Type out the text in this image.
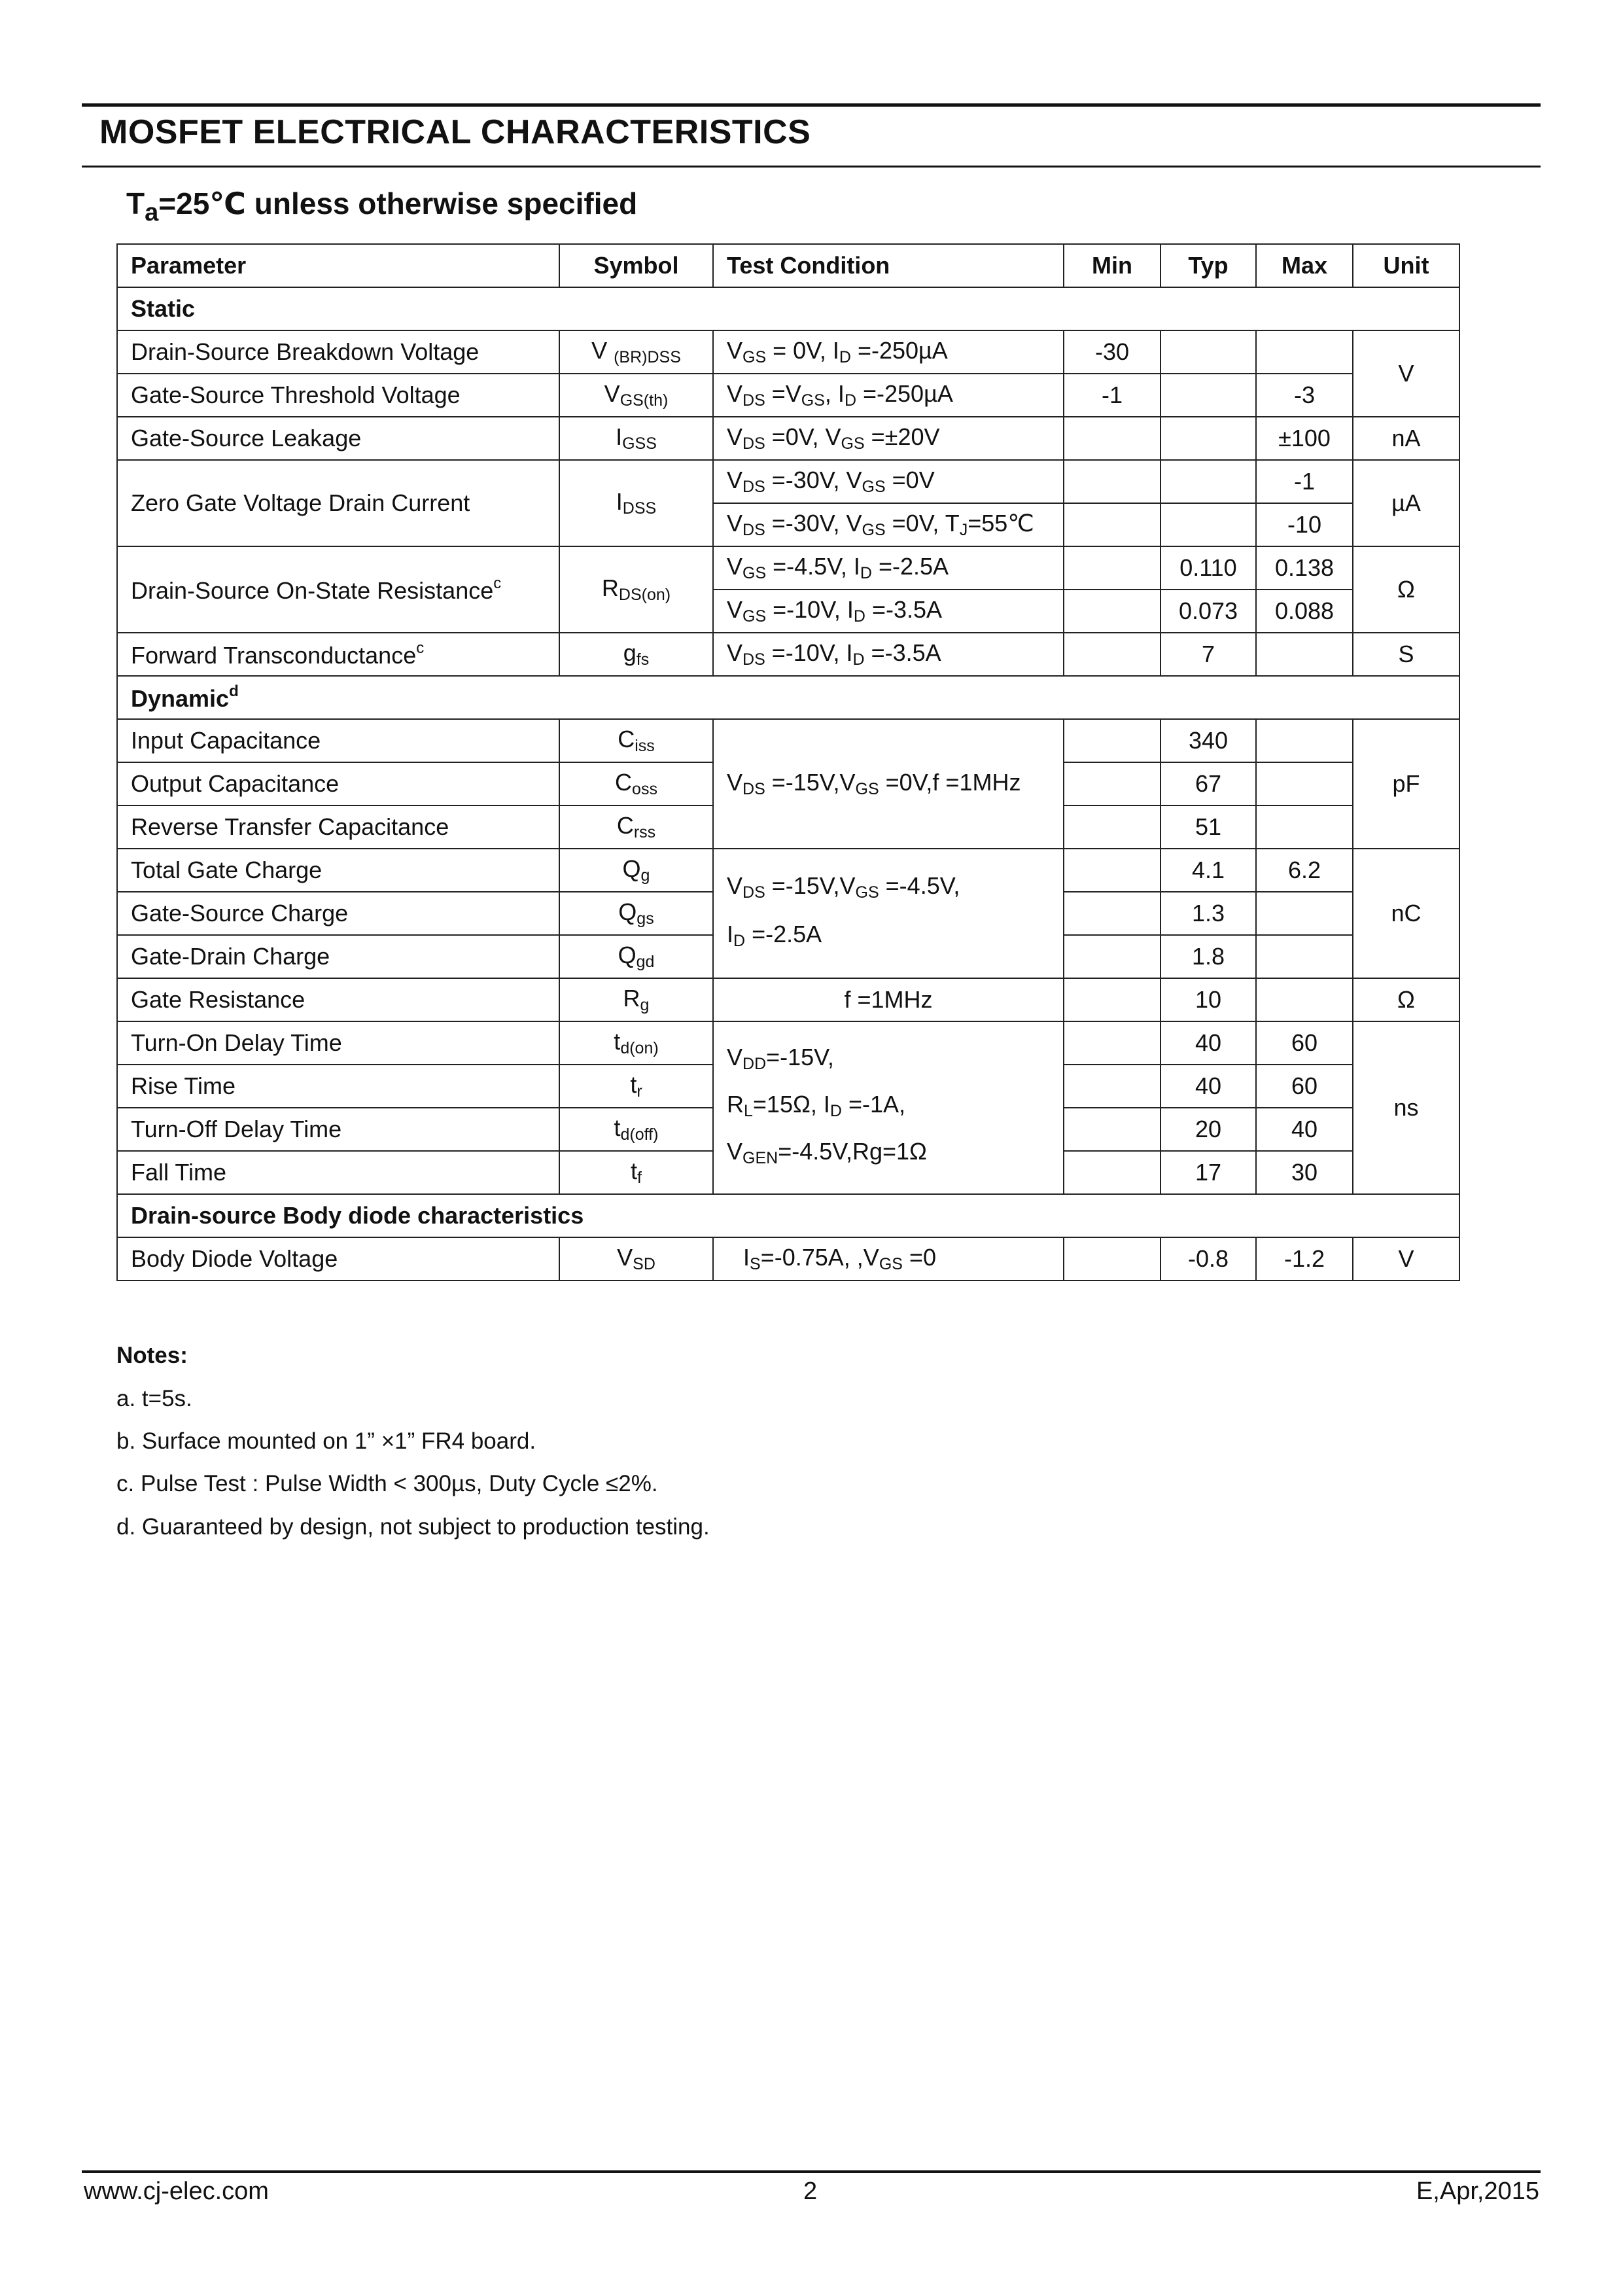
MOSFET ELECTRICAL CHARACTERISTICS
$T_a=25℃$ unless otherwise specified
Parameter	Symbol	Test Condition	Min	Typ	Max	Unit
Static						
Drain-Source Breakdown Voltage	V (BR)DSS	VGS = 0V, ID =-250µA	-30			V
Gate-Source Threshold Voltage	VGS(th)	VDS =VGS, ID =-250µA	-1		-3	
Gate-Source Leakage	IGSS	VDS =0V, VGS =±20V			±100	nA
Zero Gate Voltage Drain Current	IDSS	VDS =-30V, VGS =0V			-1	µA
		VDS =-30V, VGS =0V, TJ=55℃			-10	
Drain-Source On-State Resistance$^c$	RDS(on)	VGS =-4.5V, ID =-2.5A		0.110	0.138	Ω
		VGS =-10V, ID =-3.5A		0.073	0.088	
Forward Transconductance$^c$	gfs	VDS =-10V, ID =-3.5A		7		S
Dynamic$^d$
Input Capacitance	Ciss	VDS =-15V,VGS =0V,f =1MHz		340		pF
Output Capacitance	Coss			67		
Reverse Transfer Capacitance	Crss			51		
Total Gate Charge	Qg	VDS =-15V,VGS =-4.5V,
ID =-2.5A		4.1	6.2	nC
Gate-Source Charge	Qgs			1.3		
Gate-Drain Charge	Qgd			1.8		
Gate Resistance	Rg	f =1MHz		10		Ω
Turn-On Delay Time	td(on)	VDD=-15V,
RL=15Ω, ID =-1A,
VGEN=-4.5V,Rg=1Ω		40	60	ns
Rise Time	tr			40	60	
Turn-Off Delay Time	td(off)			20	40	
Fall Time	tf			17	30	
Drain-source Body diode characteristics						
Body Diode Voltage	VSD	IS=-0.75A, ,VGS =0		-0.8	-1.2	V
Notes:
a. t=5s.
b. Surface mounted on 1” ×1” FR4 board.
c. Pulse Test : Pulse Width < 300µs, Duty Cycle ≤2%.
d. Guaranteed by design, not subject to production testing.
www.cj-elec.com	2	E,Apr,2015
